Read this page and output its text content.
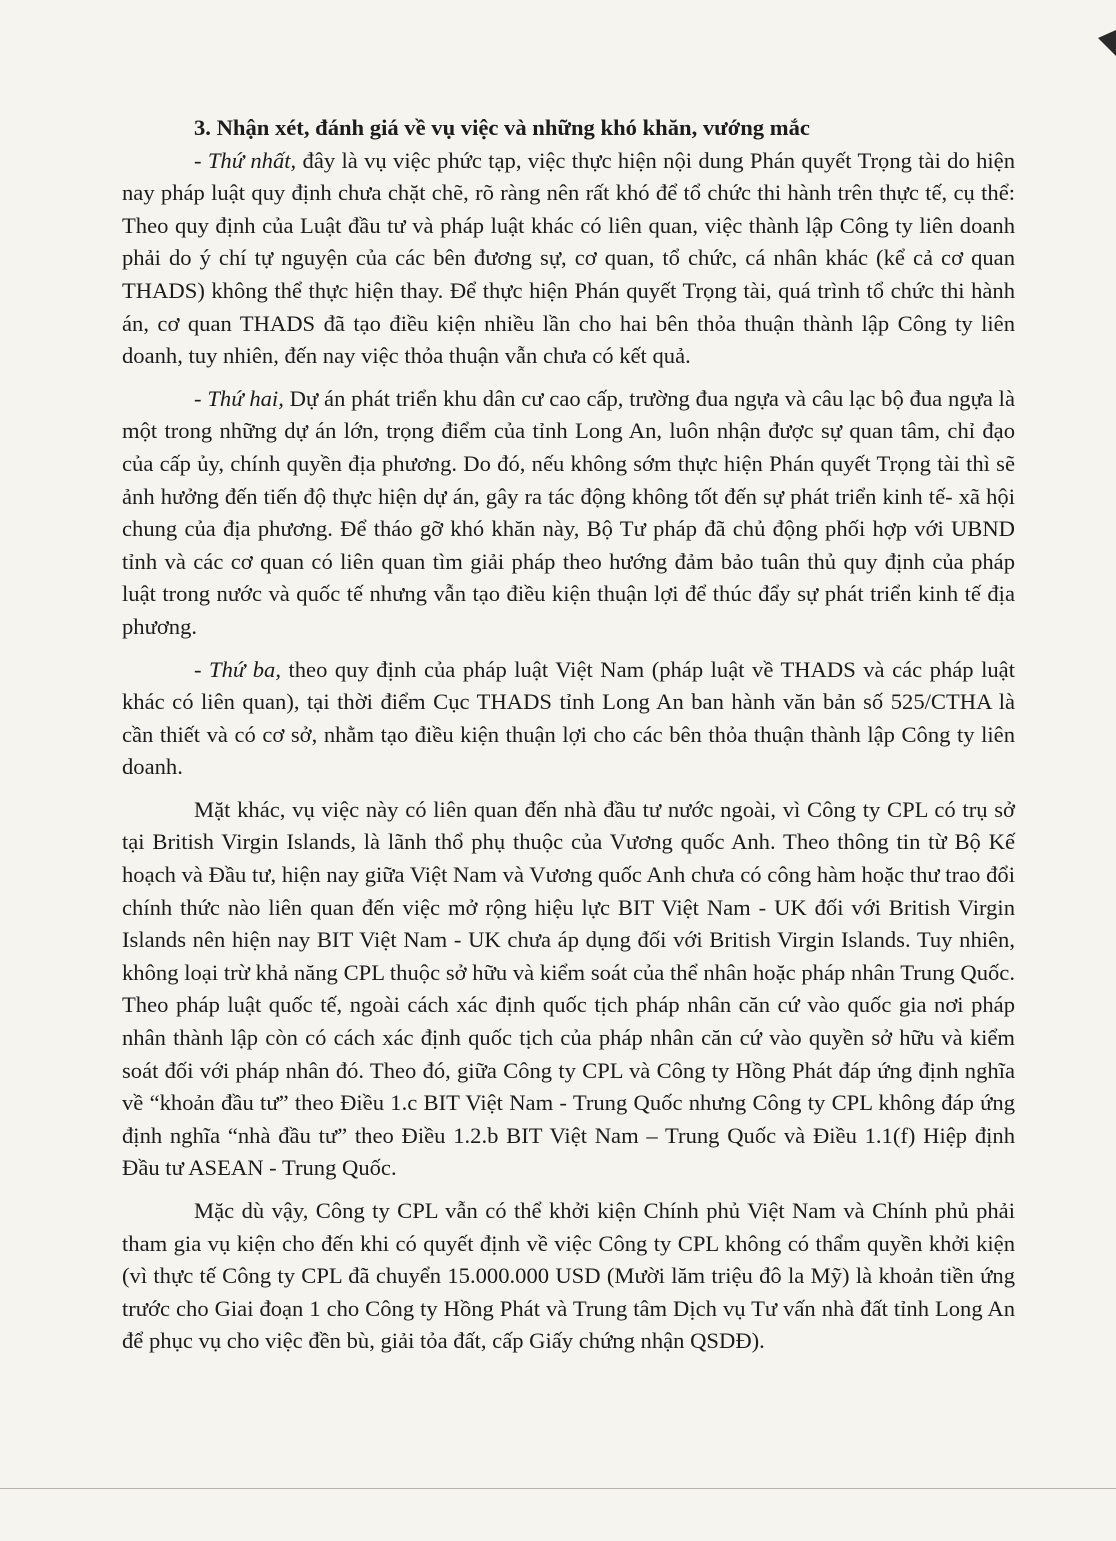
3. Nhận xét, đánh giá về vụ việc và những khó khăn, vướng mắc

- Thứ nhất, đây là vụ việc phức tạp, việc thực hiện nội dung Phán quyết Trọng tài do hiện nay pháp luật quy định chưa chặt chẽ, rõ ràng nên rất khó để tổ chức thi hành trên thực tế, cụ thể: Theo quy định của Luật đầu tư và pháp luật khác có liên quan, việc thành lập Công ty liên doanh phải do ý chí tự nguyện của các bên đương sự, cơ quan, tổ chức, cá nhân khác (kể cả cơ quan THADS) không thể thực hiện thay. Để thực hiện Phán quyết Trọng tài, quá trình tổ chức thi hành án, cơ quan THADS đã tạo điều kiện nhiều lần cho hai bên thỏa thuận thành lập Công ty liên doanh, tuy nhiên, đến nay việc thỏa thuận vẫn chưa có kết quả.

- Thứ hai, Dự án phát triển khu dân cư cao cấp, trường đua ngựa và câu lạc bộ đua ngựa là một trong những dự án lớn, trọng điểm của tỉnh Long An, luôn nhận được sự quan tâm, chỉ đạo của cấp ủy, chính quyền địa phương. Do đó, nếu không sớm thực hiện Phán quyết Trọng tài thì sẽ ảnh hưởng đến tiến độ thực hiện dự án, gây ra tác động không tốt đến sự phát triển kinh tế- xã hội chung của địa phương. Để tháo gỡ khó khăn này, Bộ Tư pháp đã chủ động phối hợp với UBND tỉnh và các cơ quan có liên quan tìm giải pháp theo hướng đảm bảo tuân thủ quy định của pháp luật trong nước và quốc tế nhưng vẫn tạo điều kiện thuận lợi để thúc đẩy sự phát triển kinh tế địa phương.

- Thứ ba, theo quy định của pháp luật Việt Nam (pháp luật về THADS và các pháp luật khác có liên quan), tại thời điểm Cục THADS tỉnh Long An ban hành văn bản số 525/CTHA là cần thiết và có cơ sở, nhằm tạo điều kiện thuận lợi cho các bên thỏa thuận thành lập Công ty liên doanh.

Mặt khác, vụ việc này có liên quan đến nhà đầu tư nước ngoài, vì Công ty CPL có trụ sở tại British Virgin Islands, là lãnh thổ phụ thuộc của Vương quốc Anh. Theo thông tin từ Bộ Kế hoạch và Đầu tư, hiện nay giữa Việt Nam và Vương quốc Anh chưa có công hàm hoặc thư trao đổi chính thức nào liên quan đến việc mở rộng hiệu lực BIT Việt Nam - UK đối với British Virgin Islands nên hiện nay BIT Việt Nam - UK chưa áp dụng đối với British Virgin Islands. Tuy nhiên, không loại trừ khả năng CPL thuộc sở hữu và kiểm soát của thể nhân hoặc pháp nhân Trung Quốc. Theo pháp luật quốc tế, ngoài cách xác định quốc tịch pháp nhân căn cứ vào quốc gia nơi pháp nhân thành lập còn có cách xác định quốc tịch của pháp nhân căn cứ vào quyền sở hữu và kiểm soát đối với pháp nhân đó. Theo đó, giữa Công ty CPL và Công ty Hồng Phát đáp ứng định nghĩa về “khoản đầu tư” theo Điều 1.c BIT Việt Nam - Trung Quốc nhưng Công ty CPL không đáp ứng định nghĩa “nhà đầu tư” theo Điều 1.2.b BIT Việt Nam – Trung Quốc và Điều 1.1(f) Hiệp định Đầu tư ASEAN - Trung Quốc.

Mặc dù vậy, Công ty CPL vẫn có thể khởi kiện Chính phủ Việt Nam và Chính phủ phải tham gia vụ kiện cho đến khi có quyết định về việc Công ty CPL không có thẩm quyền khởi kiện (vì thực tế Công ty CPL đã chuyển 15.000.000 USD (Mười lăm triệu đô la Mỹ) là khoản tiền ứng trước cho Giai đoạn 1 cho Công ty Hồng Phát và Trung tâm Dịch vụ Tư vấn nhà đất tỉnh Long An để phục vụ cho việc đền bù, giải tỏa đất, cấp Giấy chứng nhận QSDĐ).
